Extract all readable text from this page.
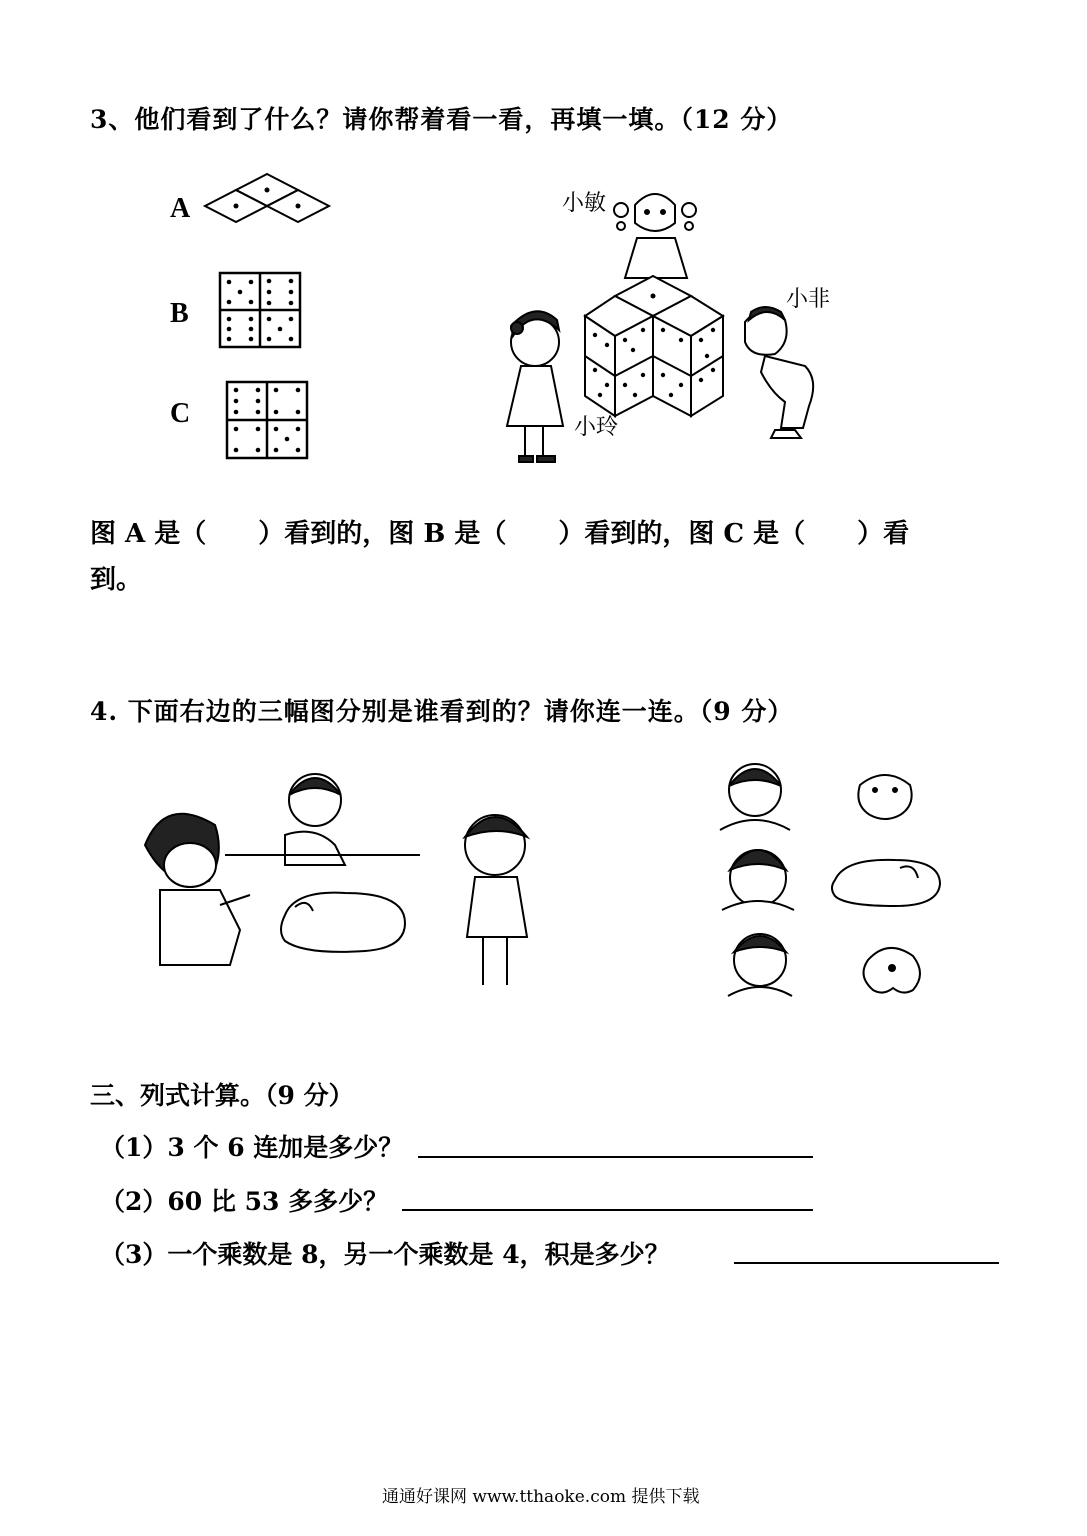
3、他们看到了什么？请你帮着看一看，再填一填。（12 分）
A
B
C
小敏
小非
小玲
图 A 是（　　）看到的，图 B 是（　　）看到的，图 C 是（　　）看
到。
4. 下面右边的三幅图分别是谁看到的？请你连一连。（9 分）
三、列式计算。（9 分）
（1）3 个 6 连加是多少？
（2）60 比 53 多多少？
（3）一个乘数是 8，另一个乘数是 4，积是多少？
通通好课网 www.tthaoke.com 提供下载
